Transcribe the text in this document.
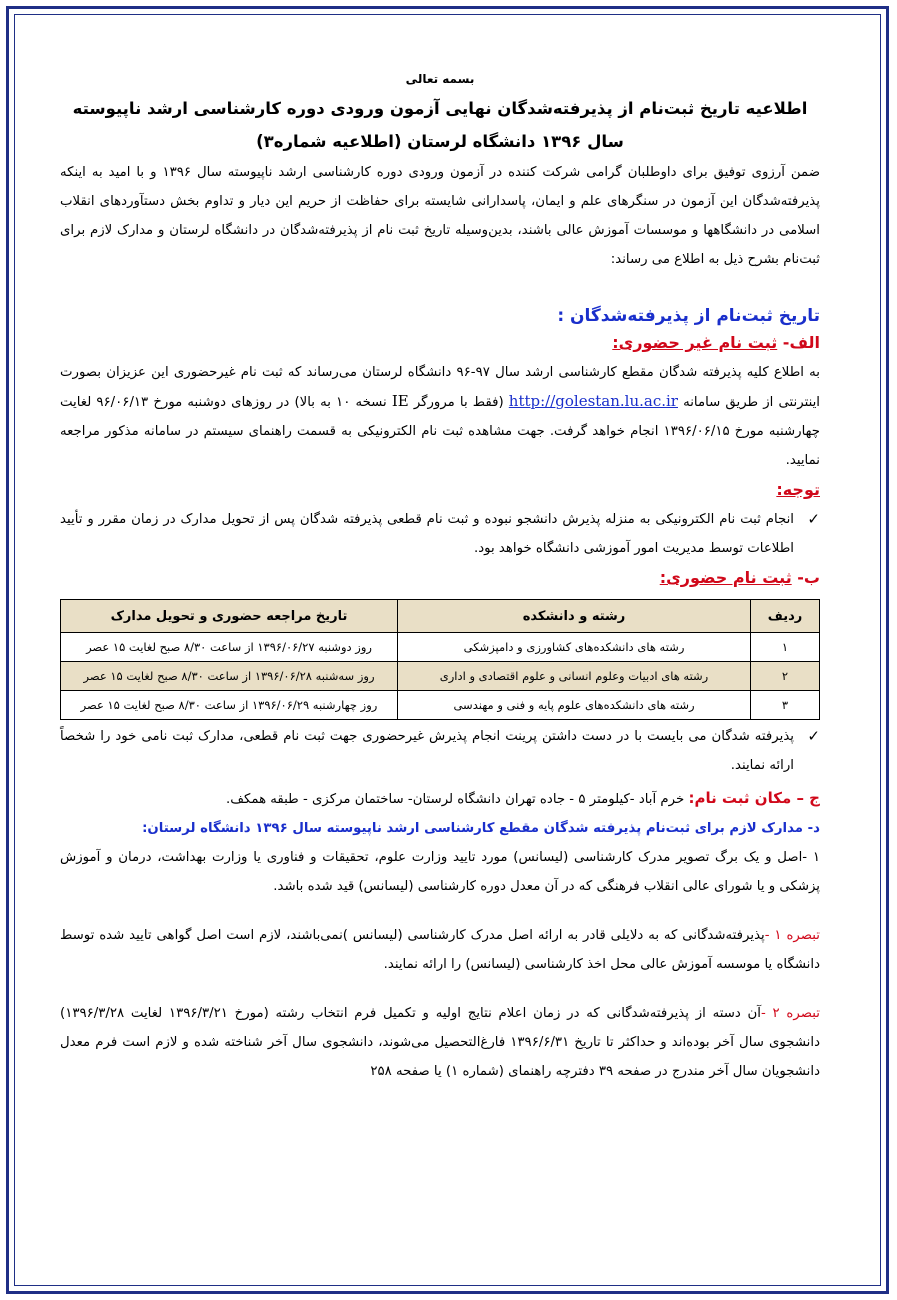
بسمه تعالی

اطلاعیه تاریخ ثبت‌نام از پذیرفته‌شدگان نهایی آزمون ورودی دوره کارشناسی ارشد ناپیوسته

سال ۱۳۹۶ دانشگاه لرستان (اطلاعیه شماره۳)

ضمن آرزوی توفیق برای داوطلبان گرامی شرکت کننده در آزمون ورودی دوره کارشناسی ارشد ناپیوسته سال ۱۳۹۶ و با امید به اینکه پذیرفته‌شدگان این آزمون در سنگرهای علم و ایمان، پاسدارانی شایسته برای حفاظت از حریم این دیار و تداوم بخش دستآوردهای انقلاب اسلامی در دانشگاهها و موسسات آموزش عالی باشند، بدین‌وسیله تاریخ ثبت نام از پذیرفته‌شدگان در دانشگاه لرستان و مدارک لازم برای ثبت‌نام بشرح ذیل به اطلاع می رساند:

تاریخ ثبت‌نام از پذیرفته‌شدگان :

الف- ثبت نام غیر حضوری:

به اطلاع کلیه پذیرفته شدگان مقطع کارشناسی ارشد سال ۹۷-۹۶ دانشگاه لرستان می‌رساند که ثبت نام غیرحضوری این عزیزان بصورت اینترنتی از طریق سامانه http://golestan.lu.ac.ir (فقط با مرورگر IE نسخه ۱۰ به بالا) در روزهای دوشنبه مورخ ۹۶/۰۶/۱۳ لغایت چهارشنبه مورخ ۱۳۹۶/۰۶/۱۵ انجام خواهد گرفت. جهت مشاهده ثبت نام الکترونیکی به قسمت راهنمای سیستم در سامانه مذکور مراجعه نمایید.

توجه:

✓
انجام ثبت نام الکترونیکی به منزله پذیرش دانشجو نبوده و ثبت نام قطعی پذیرفته شدگان پس از تحویل مدارک در زمان مقرر و تأیید اطلاعات توسط مدیریت امور آموزشی دانشگاه خواهد بود.

ب- ثبت نام حضوری:

ردیف	رشته و دانشکده	تاریخ مراجعه حضوری و تحویل مدارک
۱	رشته های دانشکده‌های کشاورزی و دامپزشکی	روز دوشنبه ۱۳۹۶/۰۶/۲۷ از ساعت ۸/۳۰ صبح لغایت ۱۵ عصر
۲	رشته های ادبیات وعلوم انسانی و علوم اقتصادی و اداری	روز سه‌شنبه ۱۳۹۶/۰۶/۲۸ از ساعت ۸/۳۰ صبح لغایت ۱۵ عصر
۳	رشته های دانشکده‌های علوم پایه و فنی و مهندسی	روز چهارشنبه ۱۳۹۶/۰۶/۲۹ از ساعت ۸/۳۰ صبح لغایت ۱۵ عصر

✓
پذیرفته شدگان می بایست با در دست داشتن پرینت انجام پذیرش غیرحضوری جهت ثبت نام قطعی، مدارک ثبت نامی خود را شخصاً ارائه نمایند.

ج – مکان ثبت نام: خرم آباد -کیلومتر ۵ - جاده تهران دانشگاه لرستان- ساختمان مرکزی - طبقه همکف.

د- مدارک لازم برای ثبت‌نام پذیرفته شدگان مقطع کارشناسی ارشد ناپیوسته سال ۱۳۹۶ دانشگاه لرستان:

۱ -اصل و یک برگ تصویر مدرک کارشناسی (لیسانس) مورد تایید وزارت علوم، تحقیقات و فناوری یا وزارت بهداشت، درمان و آموزش پزشکی و یا شورای عالی انقلاب فرهنگی که در آن معدل دوره کارشناسی (لیسانس) قید شده باشد.

تبصره ۱ -پذیرفته‌شدگانی که به دلایلی قادر به ارائه اصل مدرک کارشناسی (لیسانس )نمی‌باشند، لازم است اصل گواهی تایید شده توسط دانشگاه یا موسسه آموزش عالی محل اخذ کارشناسی (لیسانس) را ارائه نمایند.

تبصره ۲ -آن دسته از پذیرفته‌شدگانی که در زمان اعلام نتایج اولیه و تکمیل فرم انتخاب رشته (مورخ ۱۳۹۶/۳/۲۱ لغایت ۱۳۹۶/۳/۲۸) دانشجوی سال آخر بوده‌اند و حداکثر تا تاریخ ۱۳۹۶/۶/۳۱ فارغ‌التحصیل می‌شوند، دانشجوی سال آخر شناخته شده و لازم است فرم معدل دانشجویان سال آخر مندرج در صفحه ۳۹ دفترچه راهنمای (شماره ۱) یا صفحه ۲۵۸
